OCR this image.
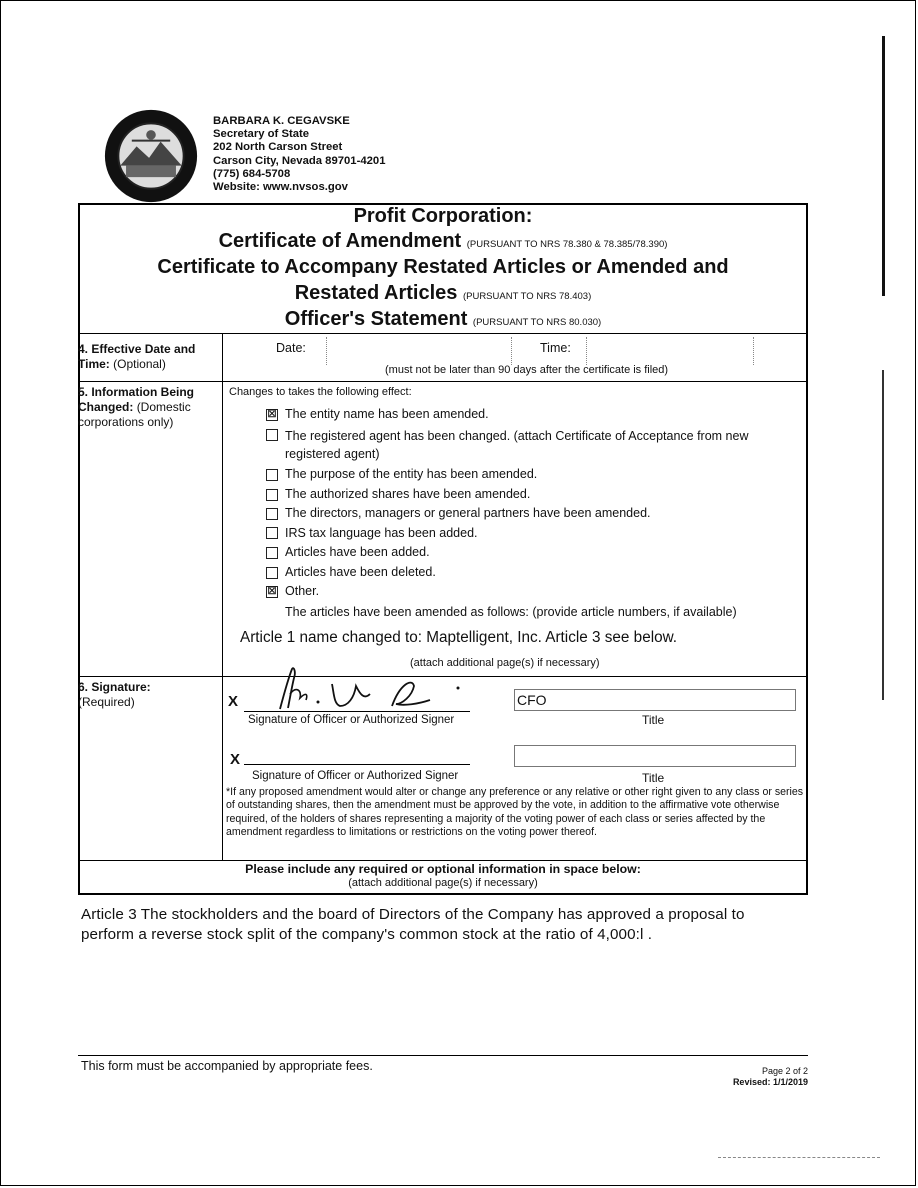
BARBARA K. CEGAVSKE
Secretary of State
202 North Carson Street
Carson City, Nevada 89701-4201
(775) 684-5708
Website: www.nvsos.gov
Profit Corporation:
Certificate of Amendment (PURSUANT TO NRS 78.380 & 78.385/78.390)
Certificate to Accompany Restated Articles or Amended and
Restated Articles (PURSUANT TO NRS 78.403)
Officer's Statement (PURSUANT TO NRS 80.030)
4. Effective Date and
Time: (Optional)
Date:	Time:
(must not be later than 90 days after the certificate is filed)
5. Information Being
Changed: (Domestic
corporations only)
Changes to takes the following effect:
☒ The entity name has been amended.
The registered agent has been changed. (attach Certificate of Acceptance from new
registered agent)
The purpose of the entity has been amended.
The authorized shares have been amended.
The directors, managers or general partners have been amended.
IRS tax language has been added.
Articles have been added.
Articles have been deleted.
☒ Other.
The articles have been amended as follows: (provide article numbers, if available)
Article 1 name changed to: Maptelligent, Inc. Article 3 see below.
(attach additional page(s) if necessary)
6. Signature:
(Required)	X	CFO
Signature of Officer or Authorized Signer	Title
X
Signature of Officer or Authorized Signer	Title
*If any proposed amendment would alter or change any preference or any relative or other right given to any class or series of outstanding shares, then the amendment must be approved by the vote, in addition to the affirmative vote otherwise required, of the holders of shares representing a majority of the voting power of each class or series affected by the amendment regardless to limitations or restrictions on the voting power thereof.
Please include any required or optional information in space below:
(attach additional page(s) if necessary)
Article 3 The stockholders and the board of Directors of the Company has approved a proposal to perform a reverse stock split of the company's common stock at the ratio of 4,000:l .
This form must be accompanied by appropriate fees.	Page 2 of 2
Revised: 1/1/2019
